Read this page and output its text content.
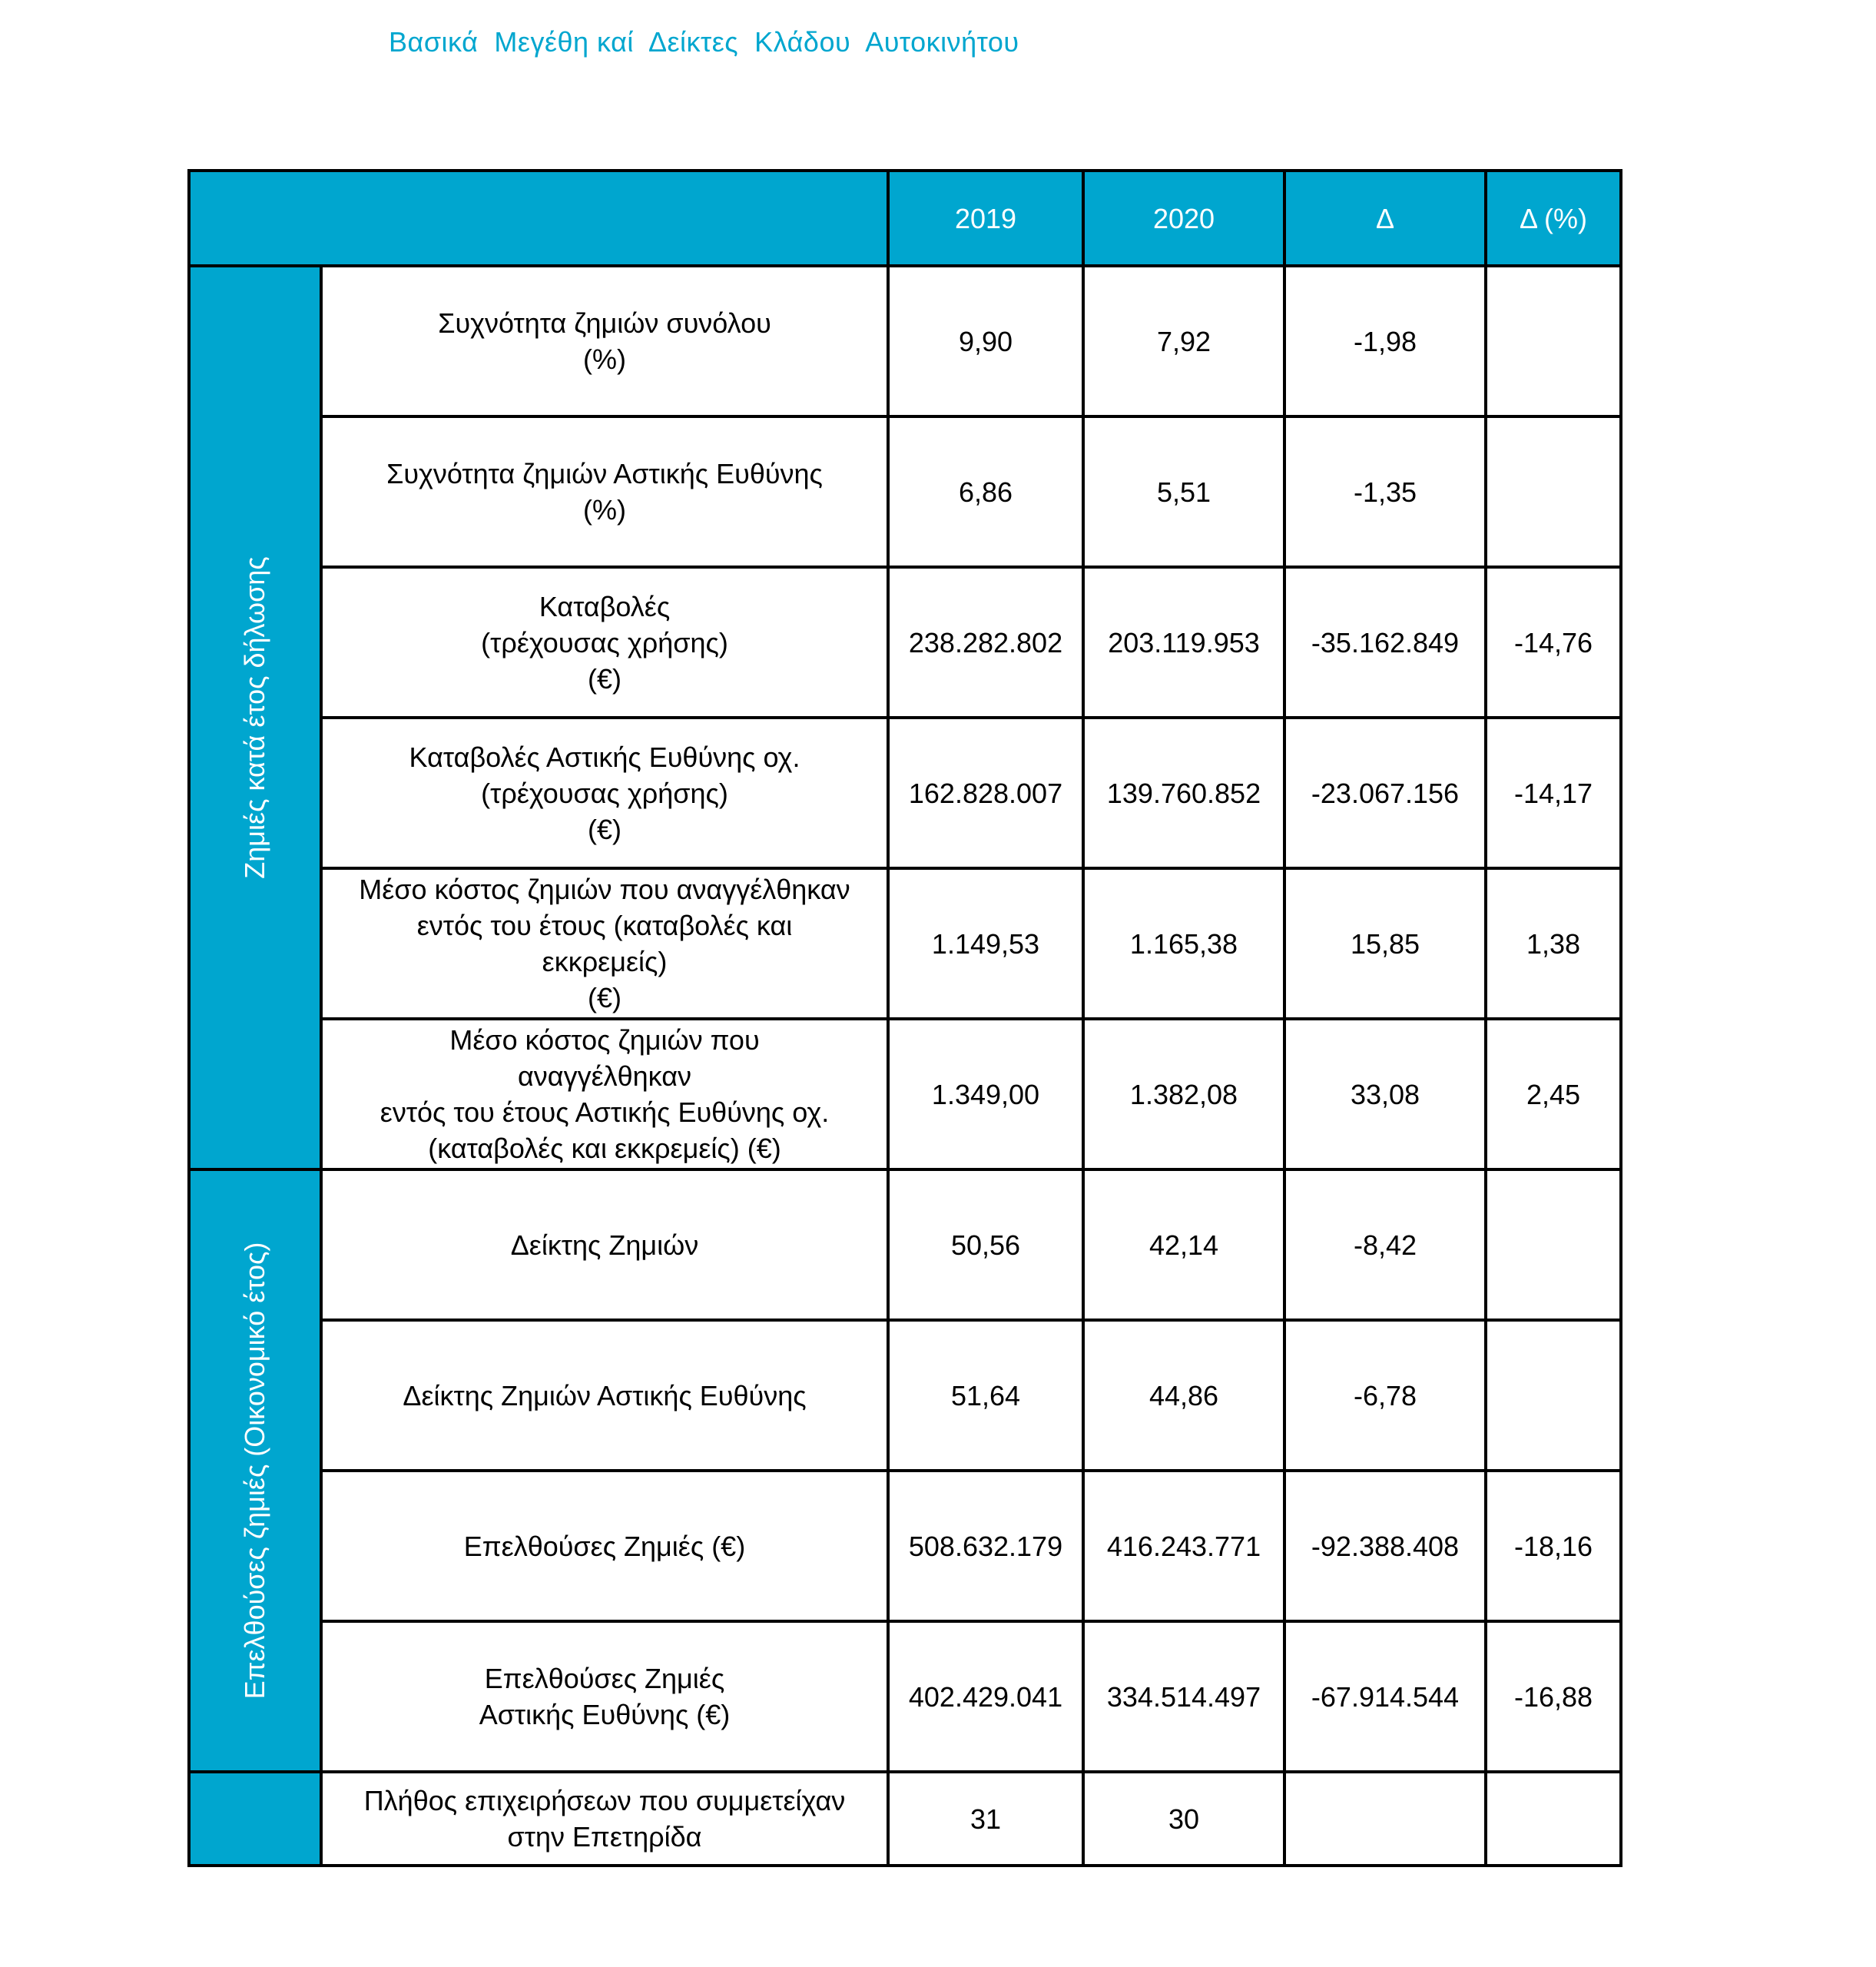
Βασικά  Μεγέθη καί  Δείκτες  Κλάδου  Αυτοκινήτου
		2019	2020	Δ	Δ (%)

Ζημιές κατά έτος δήλωσης	Συχνότητα ζημιών συνόλου
(%)	9,90	7,92	-1,98	
	Συχνότητα ζημιών Αστικής Ευθύνης
(%)	6,86	5,51	-1,35	
	Καταβολές
(τρέχουσας χρήσης)
(€)	238.282.802	203.119.953	-35.162.849	-14,76
	Καταβολές Αστικής Ευθύνης οχ.
(τρέχουσας χρήσης)
(€)	162.828.007	139.760.852	-23.067.156	-14,17
	Μέσο κόστος ζημιών που αναγγέλθηκαν
εντός του έτους (καταβολές και
εκκρεμείς)
(€)	1.149,53	1.165,38	15,85	1,38
	Μέσο κόστος ζημιών που
αναγγέλθηκαν
εντός του έτους Αστικής Ευθύνης οχ.
(καταβολές και εκκρεμείς) (€)	1.349,00	1.382,08	33,08	2,45

Επελθούσες ζημιές (Οικονομικό έτος)	Δείκτης Ζημιών	50,56	42,14	-8,42	
	Δείκτης Ζημιών Αστικής Ευθύνης	51,64	44,86	-6,78	
	Επελθούσες Ζημιές (€)	508.632.179	416.243.771	-92.388.408	-18,16
	Επελθούσες Ζημιές
Αστικής Ευθύνης (€)	402.429.041	334.514.497	-67.914.544	-16,88
	Πλήθος επιχειρήσεων που συμμετείχαν
στην Επετηρίδα	31	30		
